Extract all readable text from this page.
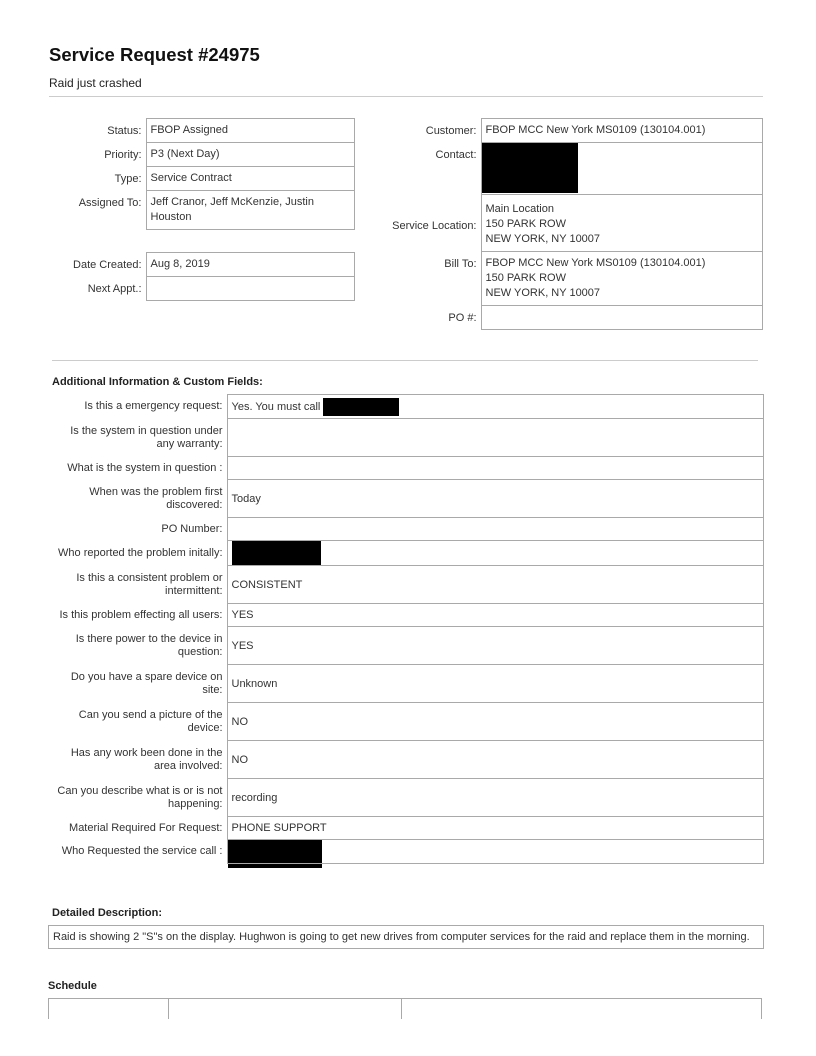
Service Request #24975
Raid just crashed
Status:	FBOP Assigned
Priority:	P3 (Next Day)
Type:	Service Contract
Assigned To:	Jeff Cranor, Jeff McKenzie, Justin Houston
Date Created:	Aug 8, 2019
Next Appt.:	
Customer:	FBOP MCC New York MS0109 (130104.001)
Contact:	

Service Location:	Main Location
150 PARK ROW
NEW YORK, NY 10007

Bill To:	FBOP MCC New York MS0109 (130104.001)
150 PARK ROW
NEW YORK, NY 10007

PO #:	
Additional Information & Custom Fields:
Is this a emergency request:	Yes. You must call
Is the system in question under any warranty:	
What is the system in question :	
When was the problem first discovered:	Today
PO Number:	
Who reported the problem initally:	
Is this a consistent problem or intermittent:	CONSISTENT
Is this problem effecting all users:	YES
Is there power to the device in question:	YES
Do you have a spare device on site:	Unknown
Can you send a picture of the device:	NO
Has any work been done in the area involved:	NO
Can you describe what is or is not happening:	recording
Material Required For Request:	PHONE SUPPORT
Who Requested the service call :	
Detailed Description:
Raid is showing 2 "S"s on the display. Hughwon is going to get new drives from computer services for the raid and replace them in the morning.
Schedule
